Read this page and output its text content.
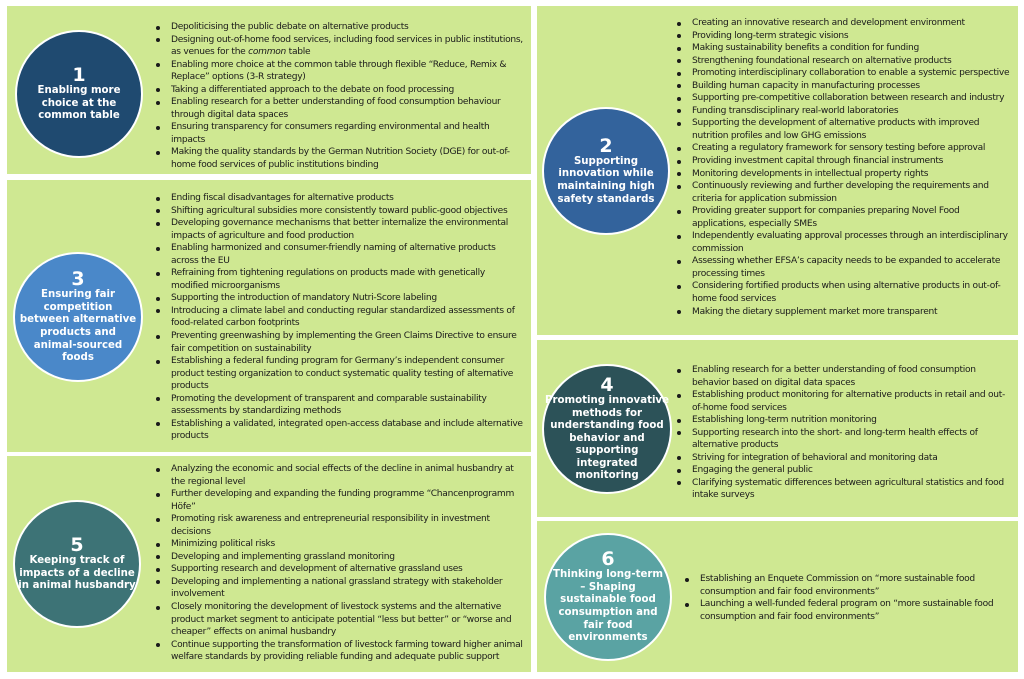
1
Enabling more choice at the common table
Depoliticising the public debate on alternative products
Designing out-of-home food services, including food services in public institutions, as venues for the common table
Enabling more choice at the common table through flexible “Reduce, Remix & Replace” options (3-R strategy)
Taking a differentiated approach to the debate on food processing
Enabling research for a better understanding of food consumption behaviour through digital data spaces
Ensuring transparency for consumers regarding environmental and health impacts
Making the quality standards by the German Nutrition Society (DGE) for out-of-home food services of public institutions binding
3
Ensuring fair competition between alternative products and animal-sourced foods
Ending fiscal disadvantages for alternative products
Shifting agricultural subsidies more consistently toward public-good objectives
Developing governance mechanisms that better internalize the environmental impacts of agriculture and food production
Enabling harmonized and consumer-friendly naming of alternative products across the EU
Refraining from tightening regulations on products made with genetically modified microorganisms
Supporting the introduction of mandatory Nutri-Score labeling
Introducing a climate label and conducting regular standardized assessments of food-related carbon footprints
Preventing greenwashing by implementing the Green Claims Directive to ensure fair competition on sustainability
Establishing a federal funding program for Germany’s independent consumer product testing organization to conduct systematic quality testing of alternative products
Promoting the development of transparent and comparable sustainability assessments by standardizing methods
Establishing a validated, integrated open-access database and include alternative products
5
Keeping track of impacts of a decline in animal husbandry
Analyzing the economic and social effects of the decline in animal husbandry at the regional level
Further developing and expanding the funding programme “Chancenprogramm Höfe”
Promoting risk awareness and entrepreneurial responsibility in investment decisions
Minimizing political risks
Developing and implementing grassland monitoring
Supporting research and development of alternative grassland uses
Developing and implementing a national grassland strategy with stakeholder involvement
Closely monitoring the development of livestock systems and the alternative product market segment to anticipate potential “less but better” or “worse and cheaper” effects on animal husbandry
Continue supporting the transformation of livestock farming toward higher animal welfare standards by providing reliable funding and adequate public support
2
Supporting innovation while maintaining high safety standards
Creating an innovative research and development environment
Providing long-term strategic visions
Making sustainability benefits a condition for funding
Strengthening foundational research on alternative products
Promoting interdisciplinary collaboration to enable a systemic perspective
Building human capacity in manufacturing processes
Supporting pre-competitive collaboration between research and industry
Funding transdisciplinary real-world laboratories
Supporting the development of alternative products with improved nutrition profiles and low GHG emissions
Creating a regulatory framework for sensory testing before approval
Providing investment capital through financial instruments
Monitoring developments in intellectual property rights
Continuously reviewing and further developing the requirements and criteria for application submission
Providing greater support for companies preparing Novel Food applications, especially SMEs
Independently evaluating approval processes through an interdisciplinary commission
Assessing whether EFSA’s capacity needs to be expanded to accelerate processing times
Considering fortified products when using alternative products in out-of-home food services
Making the dietary supplement market more transparent
4
Promoting innovative methods for understanding food behavior and supporting integrated monitoring
Enabling research for a better understanding of food consumption behavior based on digital data spaces
Establishing product monitoring for alternative products in retail and out-of-home food services
Establishing long-term nutrition monitoring
Supporting research into the short- and long-term health effects of alternative products
Striving for integration of behavioral and monitoring data
Engaging the general public
Clarifying systematic differences between agricultural statistics and food intake surveys
6
Thinking long-term – Shaping sustainable food consumption and fair food environments
Establishing an Enquete Commission on “more sustainable food consumption and fair food environments”
Launching a well-funded federal program on “more sustainable food consumption and fair food environments”
